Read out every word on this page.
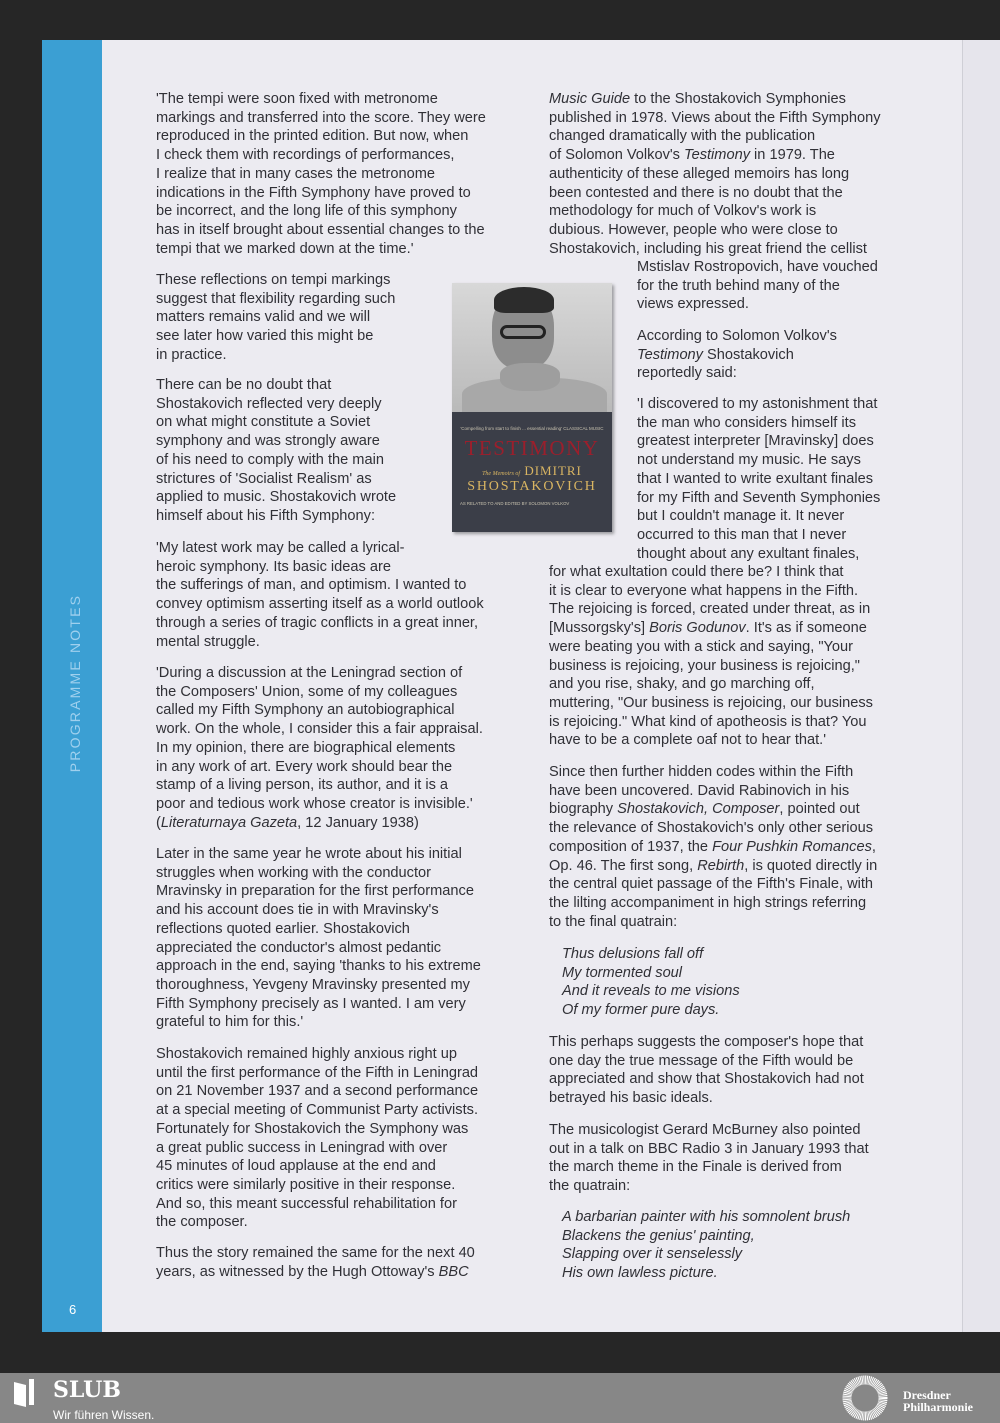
PROGRAMME NOTES
6
'The tempi were soon fixed with metronome
markings and transferred into the score. They were
reproduced in the printed edition. But now, when
I check them with recordings of performances,
I realize that in many cases the metronome
indications in the Fifth Symphony have proved to
be incorrect, and the long life of this symphony
has in itself brought about essential changes to the
tempi that we marked down at the time.'
These reflections on tempi markings
suggest that flexibility regarding such
matters remains valid and we will
see later how varied this might be
in practice.
There can be no doubt that
Shostakovich reflected very deeply
on what might constitute a Soviet
symphony and was strongly aware
of his need to comply with the main
strictures of 'Socialist Realism' as
applied to music. Shostakovich wrote
himself about his Fifth Symphony:
'My latest work may be called a lyrical-
heroic symphony. Its basic ideas are
the sufferings of man, and optimism. I wanted to
convey optimism asserting itself as a world outlook
through a series of tragic conflicts in a great inner,
mental struggle.
'During a discussion at the Leningrad section of
the Composers' Union, some of my colleagues
called my Fifth Symphony an autobiographical
work. On the whole, I consider this a fair appraisal.
In my opinion, there are biographical elements
in any work of art. Every work should bear the
stamp of a living person, its author, and it is a
poor and tedious work whose creator is invisible.'
(Literaturnaya Gazeta, 12 January 1938)
Later in the same year he wrote about his initial
struggles when working with the conductor
Mravinsky in preparation for the first performance
and his account does tie in with Mravinsky's
reflections quoted earlier. Shostakovich
appreciated the conductor's almost pedantic
approach in the end, saying 'thanks to his extreme
thoroughness, Yevgeny Mravinsky presented my
Fifth Symphony precisely as I wanted. I am very
grateful to him for this.'
Shostakovich remained highly anxious right up
until the first performance of the Fifth in Leningrad
on 21 November 1937 and a second performance
at a special meeting of Communist Party activists.
Fortunately for Shostakovich the Symphony was
a great public success in Leningrad with over
45 minutes of loud applause at the end and
critics were similarly positive in their response.
And so, this meant successful rehabilitation for
the composer.
Thus the story remained the same for the next 40
years, as witnessed by the Hugh Ottoway's BBC
Music Guide to the Shostakovich Symphonies
published in 1978. Views about the Fifth Symphony
changed dramatically with the publication
of Solomon Volkov's Testimony in 1979. The
authenticity of these alleged memoirs has long
been contested and there is no doubt that the
methodology for much of Volkov's work is
dubious. However, people who were close to
Shostakovich, including his great friend the cellist
Mstislav Rostropovich, have vouched
for the truth behind many of the
views expressed.
According to Solomon Volkov's
Testimony Shostakovich
reportedly said:
'I discovered to my astonishment that
the man who considers himself its
greatest interpreter [Mravinsky] does
not understand my music. He says
that I wanted to write exultant finales
for my Fifth and Seventh Symphonies
but I couldn't manage it. It never
occurred to this man that I never
thought about any exultant finales,
for what exultation could there be? I think that
it is clear to everyone what happens in the Fifth.
The rejoicing is forced, created under threat, as in
[Mussorgsky's] Boris Godunov. It's as if someone
were beating you with a stick and saying, "Your
business is rejoicing, your business is rejoicing,"
and you rise, shaky, and go marching off,
muttering, "Our business is rejoicing, our business
is rejoicing." What kind of apotheosis is that? You
have to be a complete oaf not to hear that.'
Since then further hidden codes within the Fifth
have been uncovered. David Rabinovich in his
biography Shostakovich, Composer, pointed out
the relevance of Shostakovich's only other serious
composition of 1937, the Four Pushkin Romances,
Op. 46. The first song, Rebirth, is quoted directly in
the central quiet passage of the Fifth's Finale, with
the lilting accompaniment in high strings referring
to the final quatrain:
Thus delusions fall off
My tormented soul
And it reveals to me visions
Of my former pure days.
This perhaps suggests the composer's hope that
one day the true message of the Fifth would be
appreciated and show that Shostakovich had not
betrayed his basic ideals.
The musicologist Gerard McBurney also pointed
out in a talk on BBC Radio 3 in January 1993 that
the march theme in the Finale is derived from
the quatrain:
A barbarian painter with his somnolent brush
Blackens the genius' painting,
Slapping over it senselessly
His own lawless picture.
'Compelling from start to finish ... essential reading' CLASSICAL MUSIC
TESTIMONY
The Memoirs of DIMITRI
SHOSTAKOVICH
AS RELATED TO AND EDITED BY SOLOMON VOLKOV
SLUB
Wir führen Wissen.
Dresdner
Philharmonie
